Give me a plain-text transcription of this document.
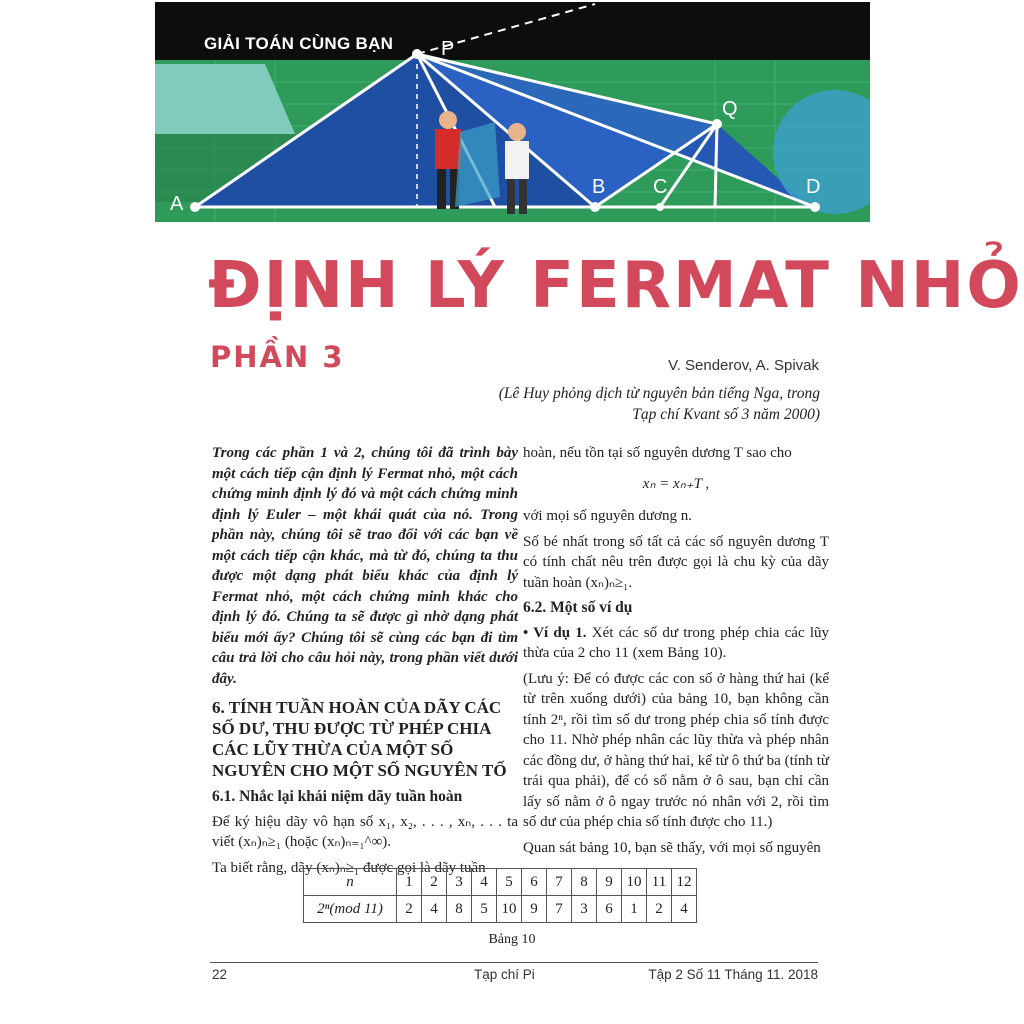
GIẢI TOÁN CÙNG BẠN P
Q
A
B C	D
ĐỊNH LÝ FERMAT NHỎ
PHẦN 3	V. Senderov, A. Spivak
(Lê Huy phỏng dịch từ nguyên bản tiếng Nga, trong Tạp chí Kvant số 3 năm 2000)

Trong các phần 1 và 2, chúng tôi đã trình bày một cách tiếp cận định lý Fermat nhỏ, một cách chứng minh định lý đó và một cách chứng minh định lý Euler – một khái quát của nó. Trong phần này, chúng tôi sẽ trao đổi với các bạn về một cách tiếp cận khác, mà từ đó, chúng ta thu được một dạng phát biểu khác của định lý Fermat nhỏ, một cách chứng minh khác cho định lý đó. Chúng ta sẽ được gì nhờ dạng phát biểu mới ấy? Chúng tôi sẽ cùng các bạn đi tìm câu trả lời cho câu hỏi này, trong phần viết dưới đây.

6. TÍNH TUẦN HOÀN CỦA DÃY CÁC SỐ DƯ, THU ĐƯỢC TỪ PHÉP CHIA CÁC LŨY THỪA CỦA MỘT SỐ NGUYÊN CHO MỘT SỐ NGUYÊN TỐ
6.1. Nhắc lại khái niệm dãy tuần hoàn

Để ký hiệu dãy vô hạn số x₁, x₂, . . . , xₙ, . . . ta viết (xₙ)ₙ≥₁ (hoặc (xₙ)ₙ₌₁^∞).

Ta biết rằng, dãy (xₙ)ₙ≥₁ được gọi là dãy tuần

hoàn, nếu tồn tại số nguyên dương T sao cho

xₙ = xₙ₊T ,

với mọi số nguyên dương n.

Số bé nhất trong số tất cả các số nguyên dương T có tính chất nêu trên được gọi là chu kỳ của dãy tuần hoàn (xₙ)ₙ≥₁.

6.2. Một số ví dụ

• Ví dụ 1. Xét các số dư trong phép chia các lũy thừa của 2 cho 11 (xem Bảng 10).

(Lưu ý: Để có được các con số ở hàng thứ hai (kể từ trên xuống dưới) của bảng 10, bạn không cần tính 2ⁿ, rồi tìm số dư trong phép chia số tính được cho 11. Nhờ phép nhân các lũy thừa và phép nhân các đồng dư, ở hàng thứ hai, kể từ ô thứ ba (tính từ trái qua phải), để có số nằm ở ô sau, bạn chỉ cần lấy số nằm ở ô ngay trước nó nhân với 2, rồi tìm số dư của phép chia số tính được cho 11.)

Quan sát bảng 10, bạn sẽ thấy, với mọi số nguyên

n	1	2	3	4	5	6	7	8	9	10	11	12
2ⁿ(mod 11)	2	4	8	5	10	9	7	3	6	1	2	4
Bảng 10
22	Tạp chí Pi	Tập 2 Số 11 Tháng 11. 2018
